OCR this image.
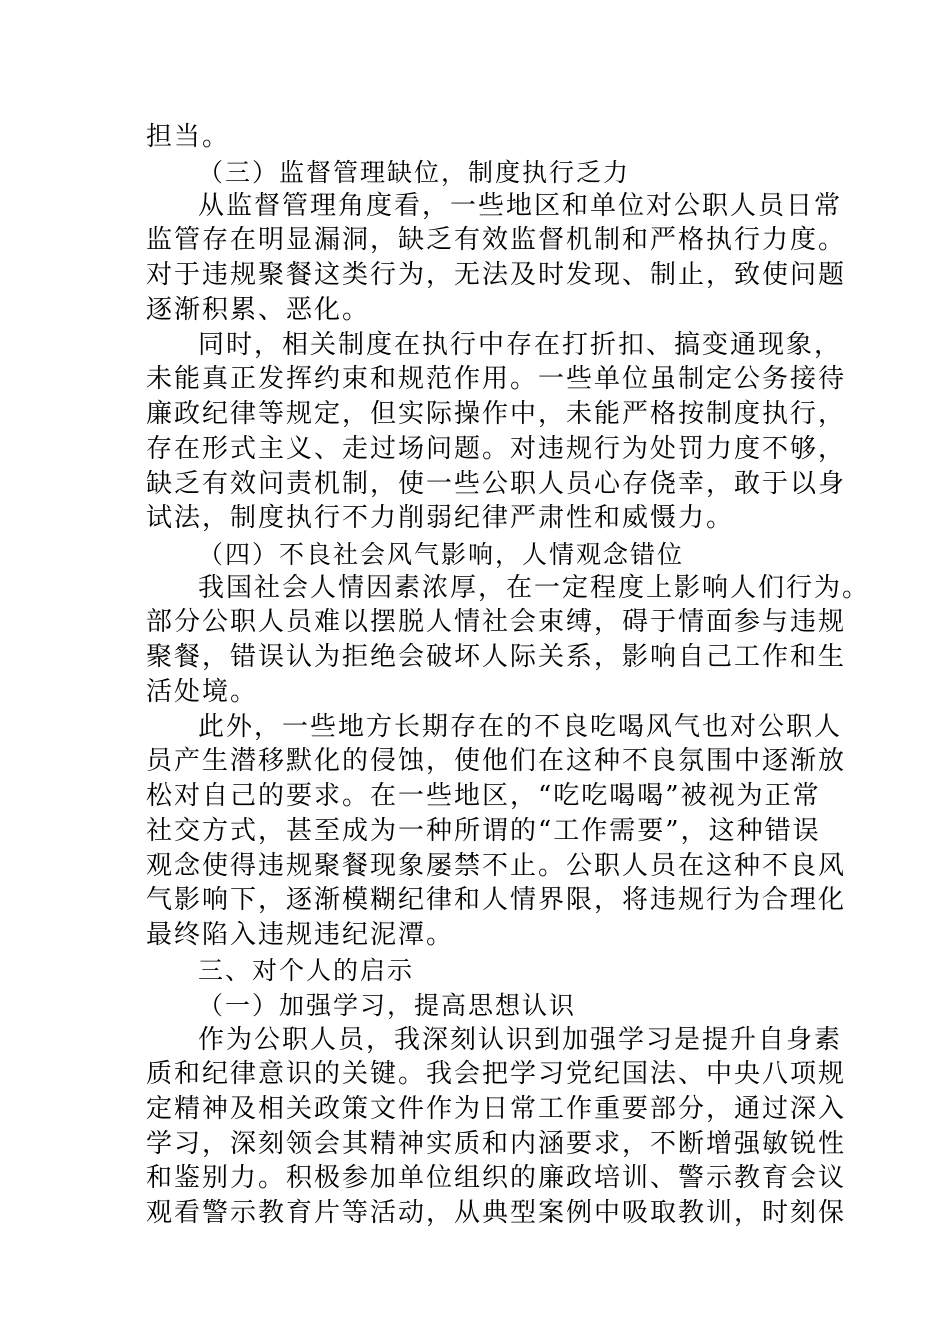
担当。
（三）监督管理缺位，制度执行乏力
从监督管理角度看，一些地区和单位对公职人员日常
监管存在明显漏洞，缺乏有效监督机制和严格执行力度。
对于违规聚餐这类行为，无法及时发现、制止，致使问题
逐渐积累、恶化。
同时，相关制度在执行中存在打折扣、搞变通现象，
未能真正发挥约束和规范作用。一些单位虽制定公务接待
廉政纪律等规定，但实际操作中，未能严格按制度执行，
存在形式主义、走过场问题。对违规行为处罚力度不够，
缺乏有效问责机制，使一些公职人员心存侥幸，敢于以身
试法，制度执行不力削弱纪律严肃性和威慑力。
（四）不良社会风气影响，人情观念错位
我国社会人情因素浓厚，在一定程度上影响人们行为。
部分公职人员难以摆脱人情社会束缚，碍于情面参与违规
聚餐，错误认为拒绝会破坏人际关系，影响自己工作和生
活处境。
此外，一些地方长期存在的不良吃喝风气也对公职人
员产生潜移默化的侵蚀，使他们在这种不良氛围中逐渐放
松对自己的要求。在一些地区，“吃吃喝喝”被视为正常
社交方式，甚至成为一种所谓的“工作需要”，这种错误
观念使得违规聚餐现象屡禁不止。公职人员在这种不良风
气影响下，逐渐模糊纪律和人情界限，将违规行为合理化
最终陷入违规违纪泥潭。
三、对个人的启示
（一）加强学习，提高思想认识
作为公职人员，我深刻认识到加强学习是提升自身素
质和纪律意识的关键。我会把学习党纪国法、中央八项规
定精神及相关政策文件作为日常工作重要部分，通过深入
学习，深刻领会其精神实质和内涵要求，不断增强敏锐性
和鉴别力。积极参加单位组织的廉政培训、警示教育会议
观看警示教育片等活动，从典型案例中吸取教训，时刻保
